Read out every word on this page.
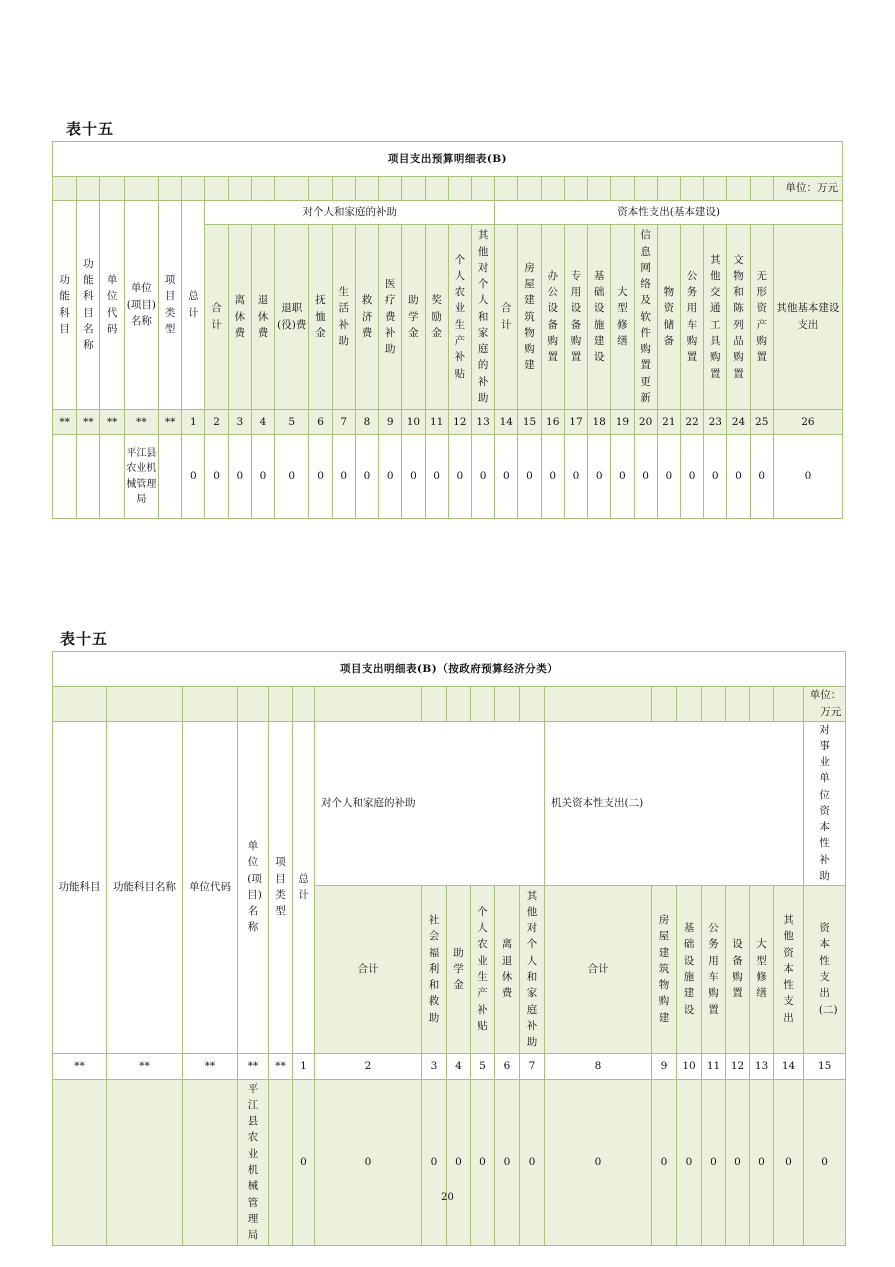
表十五
项目支出预算明细表(B)																														
																														单位：万元
功能科目	功能科目名称	单位代码	单位(项目)名称	项目类型	总计	对个人和家庭的补助												资本性支出(基本建设)												
						合计	离休费	退休费	退职(役)费	抚恤金	生活补助	救济费	医疗费补助	助学金	奖励金	个人农业生产补贴	其他对个人和家庭的补助	合计	房屋建筑物购建	办公设备购置	专用设备购置	基础设施建设	大型修缮	信息网络及软件购置更新	物资储备	公务用车购置	其他交通工具购置	文物和陈列品购置	无形资产购置	其他基本建设支出
**	**	**	**	**	1	2	3	4	5	6	7	8	9	10	11	12	13	14	15	16	17	18	19	20	21	22	23	24	25	26
			平江县农业机械管理局		0	0	0	0	0	0	0	0	0	0	0	0	0	0	0	0	0	0	0	0	0	0	0	0	0	0
表十五
项目支出明细表(B)（按政府预算经济分类）																			
																			单位：万元
功能科目	功能科目名称	单位代码	单位(项目)名称	项目类型	总计	对个人和家庭的补助						机关资本性支出(二)							对事业单位资本性补助
						合计	社会福利和救助	助学金	个人农业生产补贴	离退休费	其他对个人和家庭补助	合计	房屋建筑物购建	基础设施建设	公务用车购置	设备购置	大型修缮	其他资本性支出	资本性支出(二)
**	**	**	**	**	1	2	3	4	5	6	7	8	9	10	11	12	13	14	15
			平江县农业机械管理局		0	0	0	0	0	0	0	0	0	0	0	0	0	0	0
20
